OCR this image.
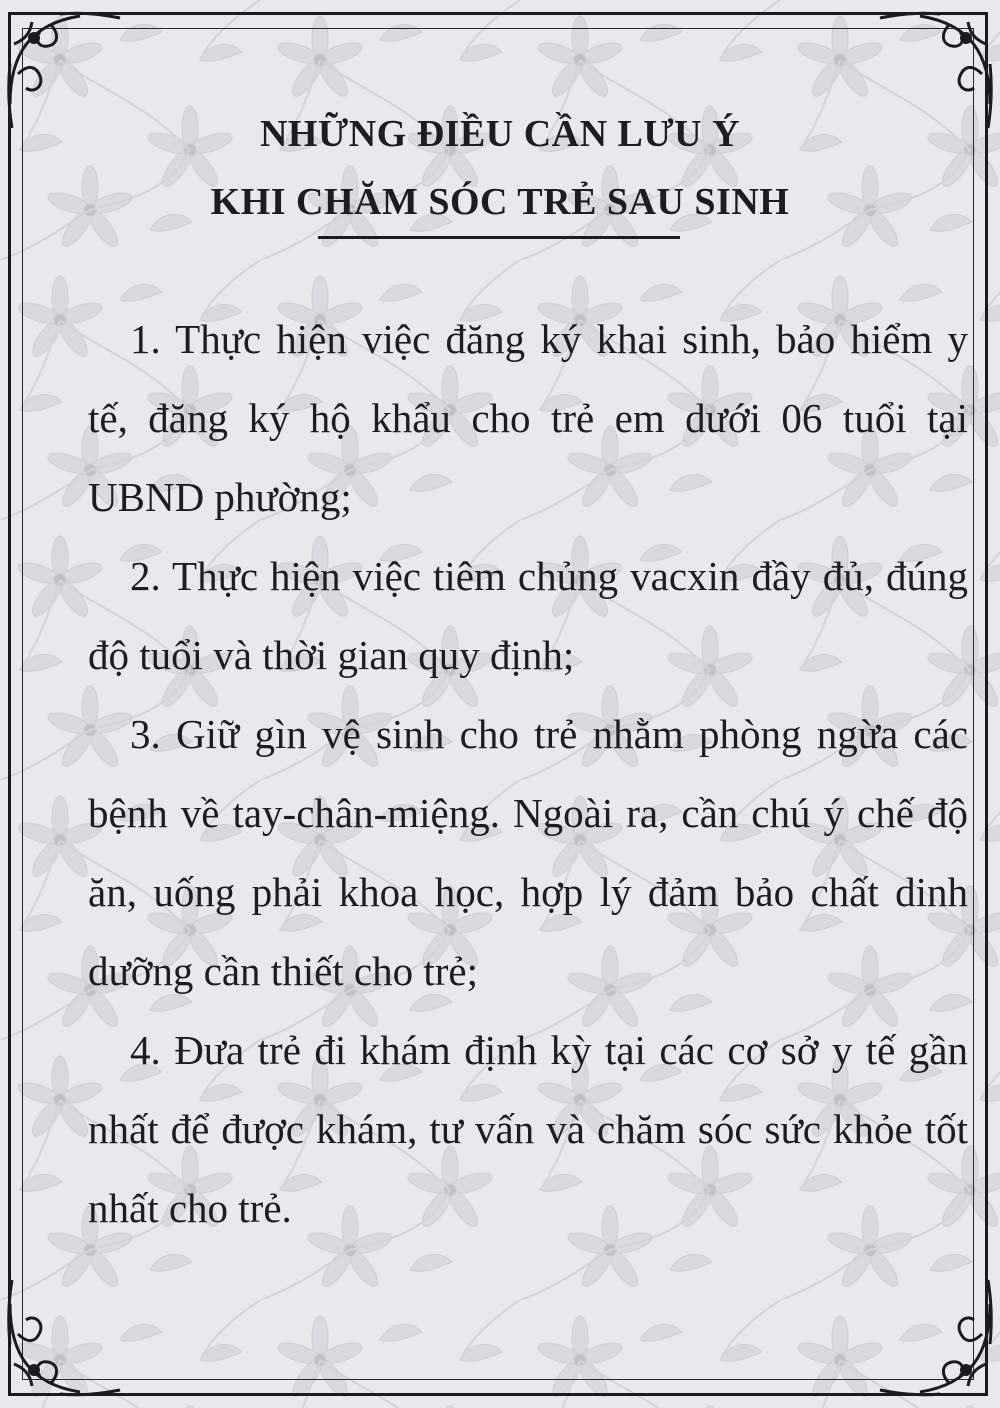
NHỮNG ĐIỀU CẦN LƯU Ý
KHI CHĂM SÓC TRẺ SAU SINH

1. Thực hiện việc đăng ký khai sinh, bảo hiểm y tế, đăng ký hộ khẩu cho trẻ em dưới 06 tuổi tại UBND phường;

2. Thực hiện việc tiêm chủng vacxin đầy đủ, đúng độ tuổi và thời gian quy định;

3. Giữ gìn vệ sinh cho trẻ nhằm phòng ngừa các bệnh về tay-chân-miệng. Ngoài ra, cần chú ý chế độ ăn, uống phải khoa học, hợp lý đảm bảo chất dinh dưỡng cần thiết cho trẻ;

4. Đưa trẻ đi khám định kỳ tại các cơ sở y tế gần nhất để được khám, tư vấn và chăm sóc sức khỏe tốt nhất cho trẻ.
